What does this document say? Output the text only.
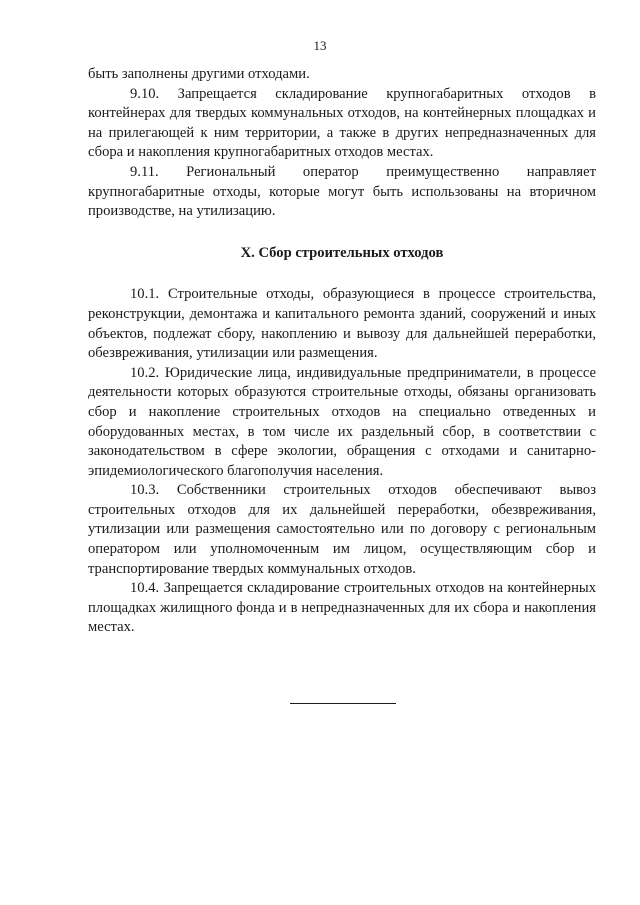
13

быть заполнены другими отходами.

9.10. Запрещается складирование крупногабаритных отходов в контейнерах для твердых коммунальных отходов, на контейнерных площадках и на прилегающей к ним территории, а также в других непредназначенных для сбора и накопления крупногабаритных отходов местах.

9.11. Региональный оператор преимущественно направляет крупногабаритные отходы, которые могут быть использованы на вторичном производстве, на утилизацию.

X. Сбор строительных отходов

10.1. Строительные отходы, образующиеся в процессе строительства, реконструкции, демонтажа и капитального ремонта зданий, сооружений и иных объектов, подлежат сбору, накоплению и вывозу для дальнейшей переработки, обезвреживания, утилизации или размещения.

10.2. Юридические лица, индивидуальные предприниматели, в процессе деятельности которых образуются строительные отходы, обязаны организовать сбор и накопление строительных отходов на специально отведенных и оборудованных местах, в том числе их раздельный сбор, в соответствии с законодательством в сфере экологии, обращения с отходами и санитарно-эпидемиологического благополучия населения.

10.3. Собственники строительных отходов обеспечивают вывоз строительных отходов для их дальнейшей переработки, обезвреживания, утилизации или размещения самостоятельно или по договору с региональным оператором или уполномоченным им лицом, осуществляющим сбор и транспортирование твердых коммунальных отходов.

10.4. Запрещается складирование строительных отходов на контейнерных площадках жилищного фонда и в непредназначенных для их сбора и накопления местах.
